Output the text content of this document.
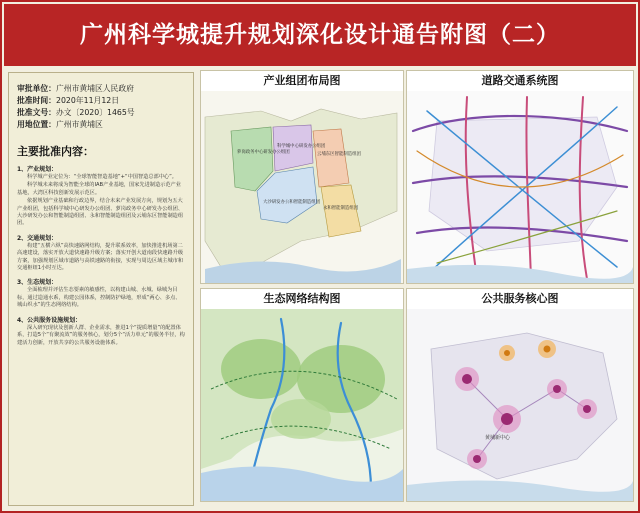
广州科学城提升规划深化设计通告附图（二）
审批单位：广州市黄埔区人民政府
批准时间：2020年11月12日
批准文号：办文〔2020〕1465号
用地位置：广州市黄埔区
主要批准内容：
1、产业规划：
科学城产业定位为：“全球智能智造基地”+“中国智造总部中心”。
科学城未来将成为智能全球的IAB产业基地，国家先进制造示范产业基地，大湾区科技创新发展示范区。
依据规划产业基础和行政边界，结合未来产业发展方向，规划为五大产业组团，包括科学城中心研发办公组团、萝岗政务中心研发办公组团、大沙研发办公和智能制造组团、永和智能制造组团及云埔东区智能制造组团。
2、交通规划：
构建“五横六纵”高快速路网结构，提升联系效率，加快推进机场第二高速建设，落实开放大道快速路升级方案；落实开创大道南段快速路升级方案，加强规划区域市道路与高铁速路的衔接，实现与周边区域主城市和交通枢纽1小时互达。
3、生态规划：
全面梳理并评估生态要素的敏感性，以构建山城、水城、绿城为目标，通过造通水系，构建公园体系，控制防护绿地，形成“两心、多点、城山织水”的生态网络结构。
4、公共服务设施规划：
深入研究现状及创新人群、企业需求，推进1个“提质增量”的配置体系，打造5个“有聚流效”的服务核心，划分5个“活力单元”的服务半径，构建活力创新，开放共享的公共服务设施体系。
产业组团布局图
萝岗政务中心研发办公组团
科学城中心研发办公组团
云埔东区智能制造组团
大沙研发办公和智能制造组团
永和智能制造组团
道路交通系统图
生态网络结构图	公共服务核心图
黄埔新中心
